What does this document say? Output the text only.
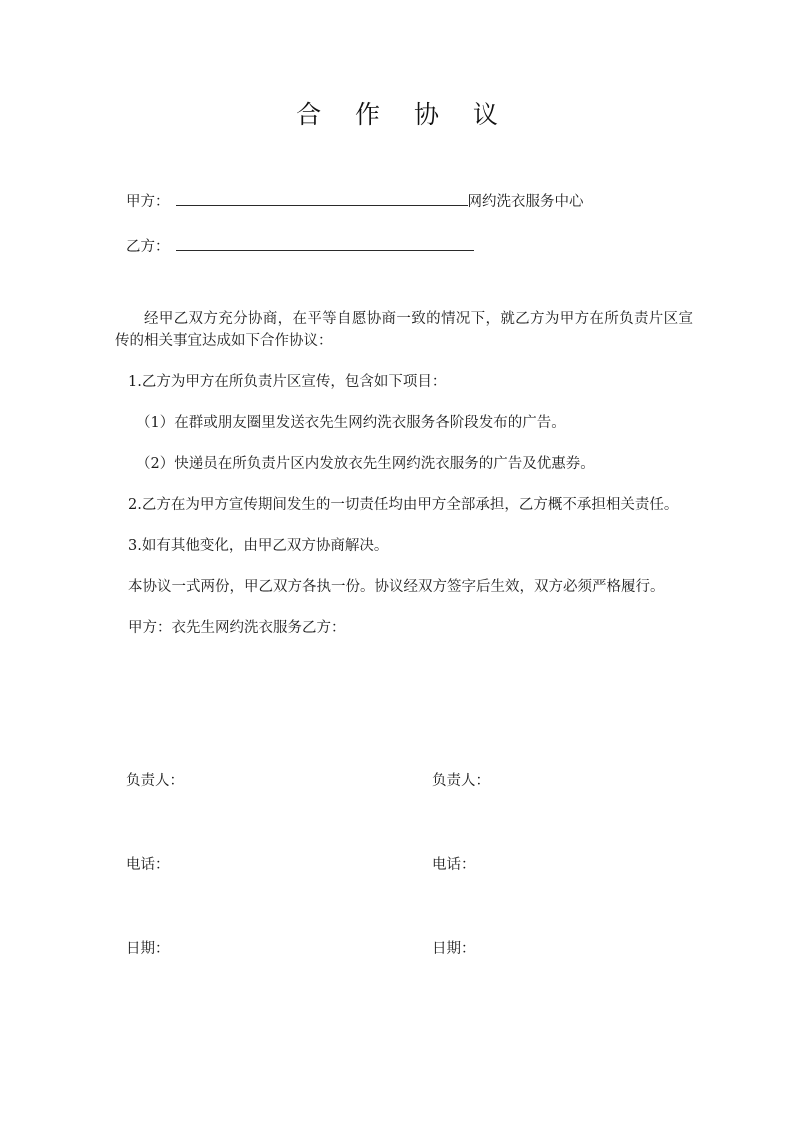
合 作 协 议
甲方：	网约洗衣服务中心
乙方：

经甲乙双方充分协商，在平等自愿协商一致的情况下，就乙方为甲方在所负责片区宣传的相关事宜达成如下合作协议：

1.乙方为甲方在所负责片区宣传，包含如下项目：

（1）在群或朋友圈里发送衣先生网约洗衣服务各阶段发布的广告。

（2）快递员在所负责片区内发放衣先生网约洗衣服务的广告及优惠券。

2.乙方在为甲方宣传期间发生的一切责任均由甲方全部承担，乙方概不承担相关责任。

3.如有其他变化，由甲乙双方协商解决。

本协议一式两份，甲乙双方各执一份。协议经双方签字后生效，双方必须严格履行。

甲方：衣先生网约洗衣服务乙方：

负责人：	负责人：
电话：	电话：
日期：	日期：
